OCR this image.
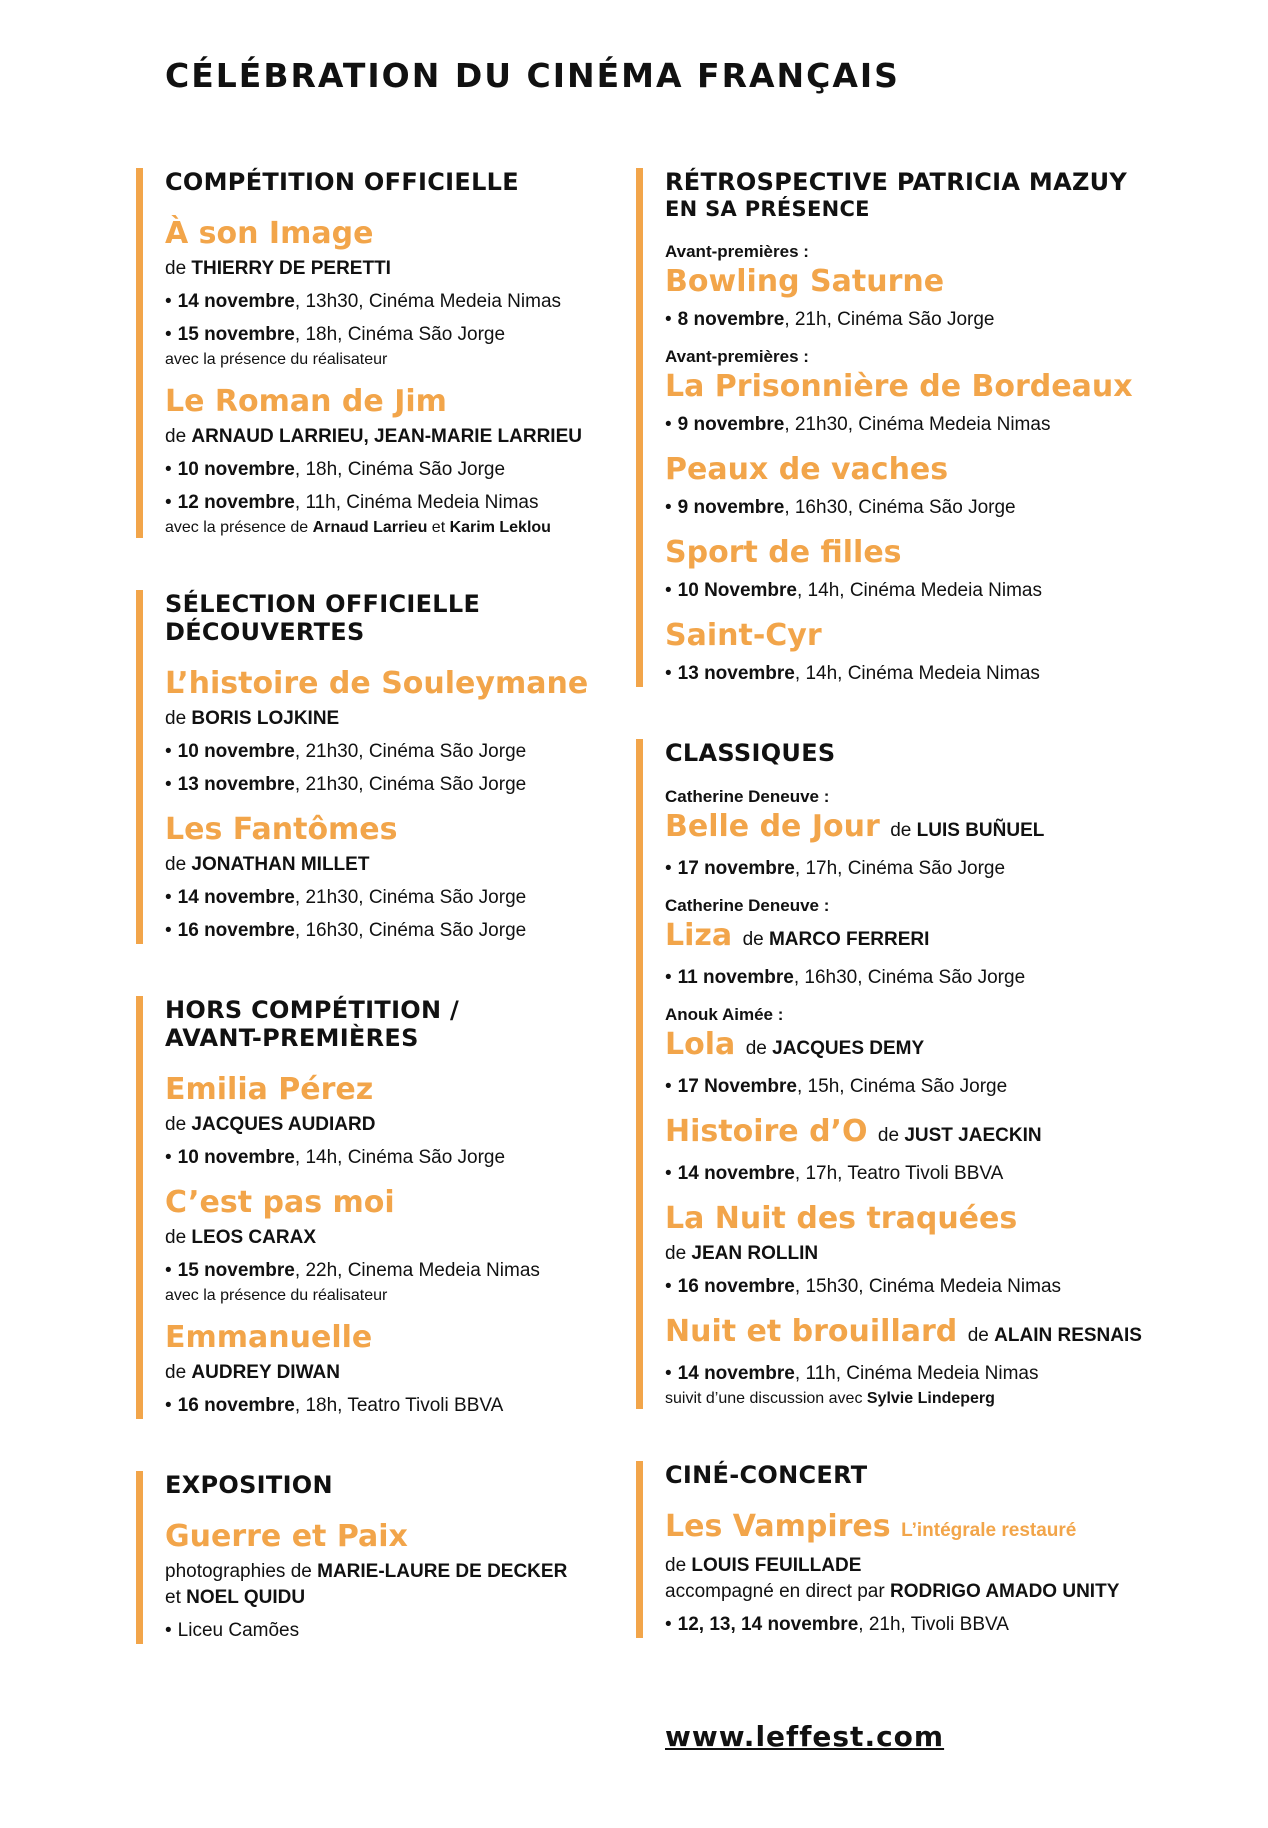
CÉLÉBRATION DU CINÉMA FRANÇAIS
COMPÉTITION OFFICIELLE

À son Image

de THIERRY DE PERETTI

• 14 novembre, 13h30, Cinéma Medeia Nimas

• 15 novembre, 18h, Cinéma São Jorge

avec la présence du réalisateur

Le Roman de Jim

de ARNAUD LARRIEU, JEAN-MARIE LARRIEU

• 10 novembre, 18h, Cinéma São Jorge

• 12 novembre, 11h, Cinéma Medeia Nimas

avec la présence de Arnaud Larrieu et Karim Leklou

SÉLECTION OFFICIELLE
DÉCOUVERTES

L’histoire de Souleymane

de BORIS LOJKINE

• 10 novembre, 21h30, Cinéma São Jorge

• 13 novembre, 21h30, Cinéma São Jorge

Les Fantômes

de JONATHAN MILLET

• 14 novembre, 21h30, Cinéma São Jorge

• 16 novembre, 16h30, Cinéma São Jorge

HORS COMPÉTITION /
AVANT-PREMIÈRES

Emilia Pérez

de JACQUES AUDIARD

• 10 novembre, 14h, Cinéma São Jorge

C’est pas moi

de LEOS CARAX

• 15 novembre, 22h, Cinema Medeia Nimas

avec la présence du réalisateur

Emmanuelle

de AUDREY DIWAN

• 16 novembre, 18h, Teatro Tivoli BBVA

EXPOSITION

Guerre et Paix

photographies de MARIE-LAURE DE DECKER
et NOEL QUIDU

• Liceu Camões

RÉTROSPECTIVE PATRICIA MAZUY
EN SA PRÉSENCE

Avant-premières :

Bowling Saturne

• 8 novembre, 21h, Cinéma São Jorge

Avant-premières :

La Prisonnière de Bordeaux

• 9 novembre, 21h30, Cinéma Medeia Nimas

Peaux de vaches

• 9 novembre, 16h30, Cinéma São Jorge

Sport de filles

• 10 Novembre, 14h, Cinéma Medeia Nimas

Saint-Cyr

• 13 novembre, 14h, Cinéma Medeia Nimas

CLASSIQUES

Catherine Deneuve :

Belle de Jour de LUIS BUÑUEL

• 17 novembre, 17h, Cinéma São Jorge

Catherine Deneuve :

Liza de MARCO FERRERI

• 11 novembre, 16h30, Cinéma São Jorge

Anouk Aimée :

Lola de JACQUES DEMY

• 17 Novembre, 15h, Cinéma São Jorge

Histoire d’O de JUST JAECKIN

• 14 novembre, 17h, Teatro Tivoli BBVA

La Nuit des traquées

de JEAN ROLLIN

• 16 novembre, 15h30, Cinéma Medeia Nimas

Nuit et brouillard de ALAIN RESNAIS

• 14 novembre, 11h, Cinéma Medeia Nimas

suivit d’une discussion avec Sylvie Lindeperg

CINÉ-CONCERT

Les Vampires L’intégrale restauré

de LOUIS FEUILLADE
accompagné en direct par RODRIGO AMADO UNITY

• 12, 13, 14 novembre, 21h, Tivoli BBVA

www.leffest.com
